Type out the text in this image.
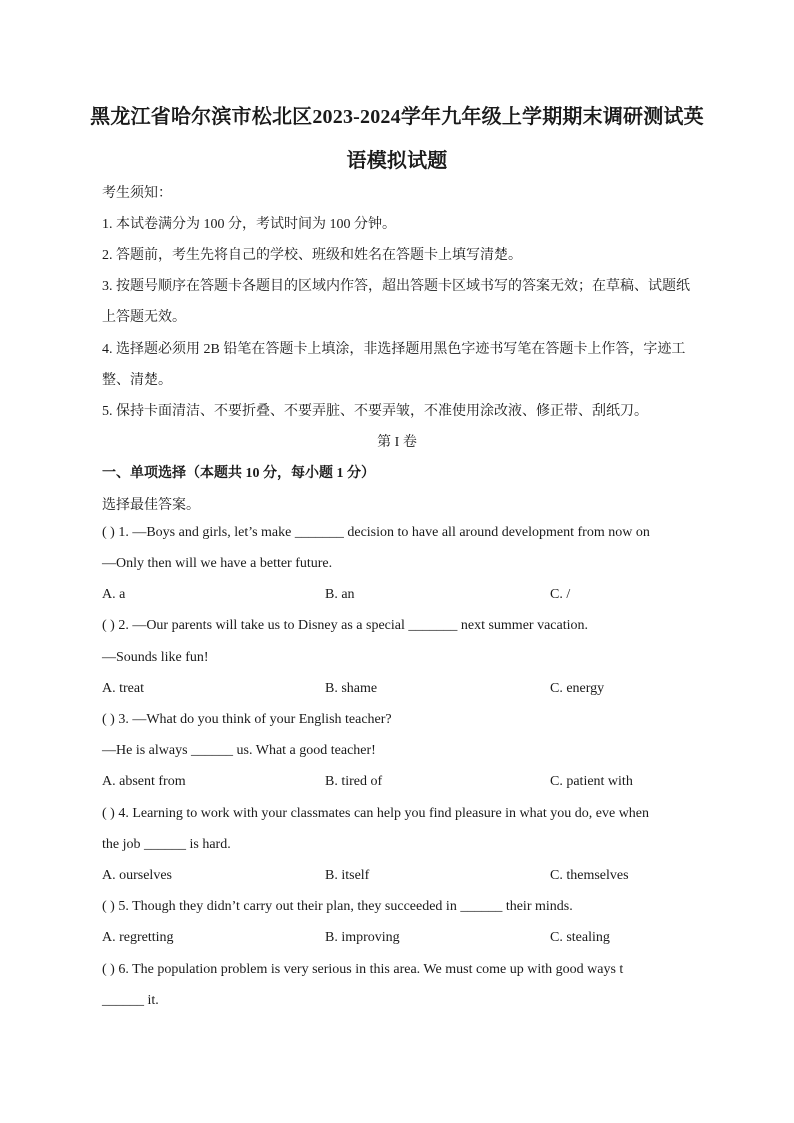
黑龙江省哈尔滨市松北区2023-2024学年九年级上学期期末调研测试英
语模拟试题
考生须知：
1. 本试卷满分为 100 分，考试时间为 100 分钟。
2. 答题前，考生先将自己的学校、班级和姓名在答题卡上填写清楚。
3. 按题号顺序在答题卡各题目的区域内作答，超出答题卡区域书写的答案无效；在草稿、试题纸
上答题无效。
4. 选择题必须用 2B 铅笔在答题卡上填涂，非选择题用黑色字迹书写笔在答题卡上作答，字迹工
整、清楚。
5. 保持卡面清洁、不要折叠、不要弄脏、不要弄皱，不准使用涂改液、修正带、刮纸刀。
第 I 卷
一、单项选择（本题共 10 分，每小题 1 分）
选择最佳答案。
( ) 1. —Boys and girls, let’s make _______ decision to have all around development from now on
—Only then will we have a better future.
A. a	B. an	C. /
( ) 2. —Our parents will take us to Disney as a special _______ next summer vacation.
—Sounds like fun!
A. treat	B. shame	C. energy
( ) 3. —What do you think of your English teacher?
—He is always ______ us. What a good teacher!
A. absent from	B. tired of	C. patient with
( ) 4. Learning to work with your classmates can help you find pleasure in what you do, eve when
the job ______ is hard.
A. ourselves	B. itself	C. themselves
( ) 5. Though they didn’t carry out their plan, they succeeded in ______ their minds.
A. regretting	B. improving	C. stealing
( ) 6. The population problem is very serious in this area. We must come up with good ways t
______ it.
